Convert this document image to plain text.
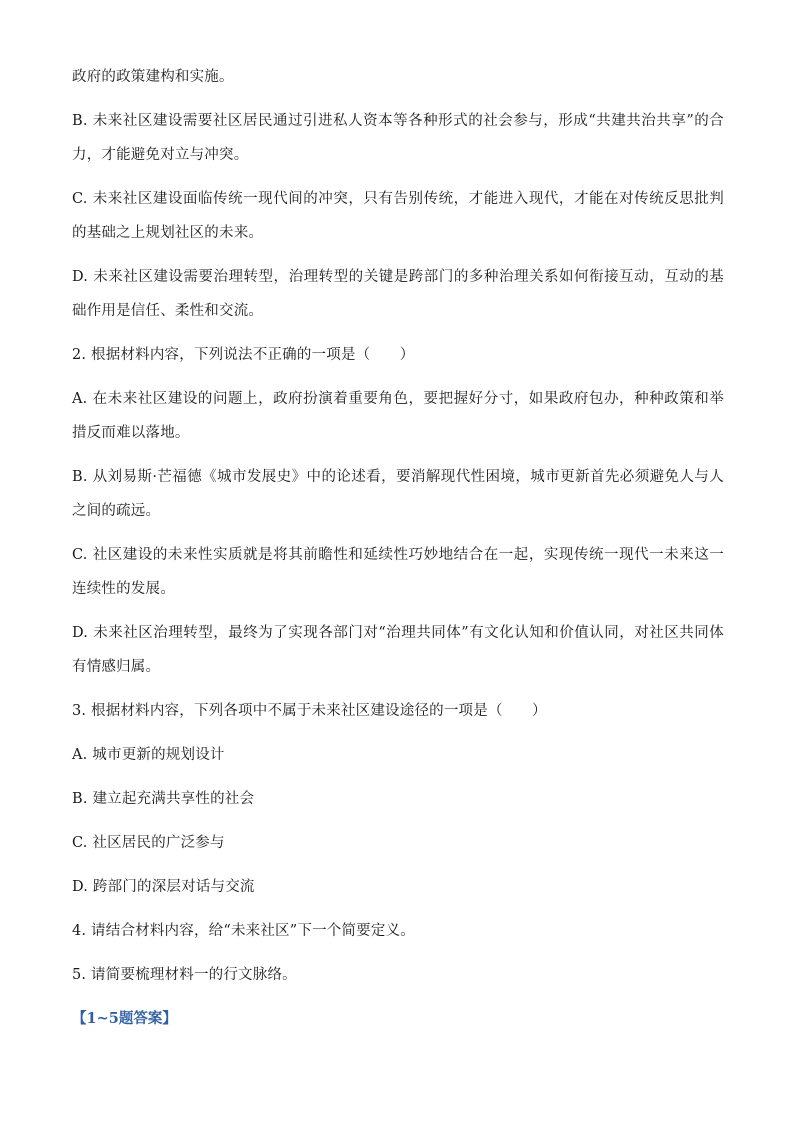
政府的政策建构和实施。

B. 未来社区建设需要社区居民通过引进私人资本等各种形式的社会参与，形成“共建共治共享”的合力，才能避免对立与冲突。

C. 未来社区建设面临传统一现代间的冲突，只有告别传统，才能进入现代，才能在对传统反思批判的基础之上规划社区的未来。

D. 未来社区建设需要治理转型，治理转型的关键是跨部门的多种治理关系如何衔接互动，互动的基础作用是信任、柔性和交流。

2. 根据材料内容，下列说法不正确的一项是（　　）

A. 在未来社区建设的问题上，政府扮演着重要角色，要把握好分寸，如果政府包办，种种政策和举措反而难以落地。

B. 从刘易斯·芒福德《城市发展史》中的论述看，要消解现代性困境，城市更新首先必须避免人与人之间的疏远。

C. 社区建设的未来性实质就是将其前瞻性和延续性巧妙地结合在一起，实现传统一现代一未来这一连续性的发展。

D. 未来社区治理转型，最终为了实现各部门对“治理共同体”有文化认知和价值认同，对社区共同体有情感归属。

3. 根据材料内容，下列各项中不属于未来社区建设途径的一项是（　　）

A. 城市更新的规划设计

B. 建立起充满共享性的社会

C. 社区居民的广泛参与

D. 跨部门的深层对话与交流

4. 请结合材料内容，给“未来社区”下一个简要定义。

5. 请简要梳理材料一的行文脉络。

【1~5题答案】
